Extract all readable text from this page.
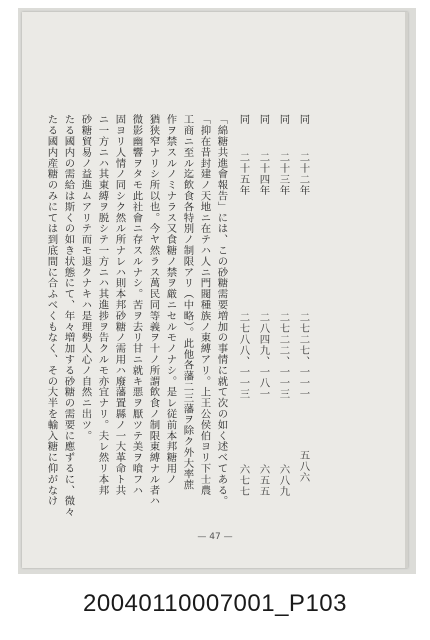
同
二十二年
二七二七、一一一
五八六
同
二十三年
二七二二、一一三
六八九
同
二十四年
二八四九、一八一
六五五
同
二十五年
二七八八、一一三
六七七
「綿糖共進會報告」には、この砂糖需要増加の事情に就て次の如く述べてある。
「抑在昔封建ノ天地ニ在テハ人ニ門閥種族ノ東縛アリ。上王公侯伯ヨリ下士農
工商ニ至ル迄飲食各特別ノ制限アリ（中略）。此他各藩二三藩ヲ除ク外大率蔗
作ヲ禁スルノミナラス又食糖ノ禁ヲ厳ニセルモノナシ。是レ従前本邦糖用ノ
猶狭窄ナリシ所以也。今ヤ然ラス萬民同等義ヲ十ノ所謂飲食ノ制限東縛ナル者ハ
微影幽響ヲタモ此社會ニ存スルナシ。苦ヲ去リ甘ニ就キ悪ヲ厭ツテ美ヲ喰フハ
固ヨリ人情ノ同シク然ル所ナレハ則本邦砂糖ノ需用ハ廢藩置縣ノ一大革命ト共
ニ一方ニハ其東縛ヲ脱シテ一方ニハ其進捗ヲ告クルモ亦宜ナリ。夫レ然リ本邦
砂糖貿易ノ益進ムアリテ而モ退クナキハ是理勢人心ノ自然ニ出ツ。
たる國内の需給は斯くの如き状態にて、年々増加する砂糖の需要に應ずるに、微々
たる國内産糖のみにては到底間に合ふべくもなく、その大半を輸入糖に仰がなけ
— 47 —
20040110007001_P103
